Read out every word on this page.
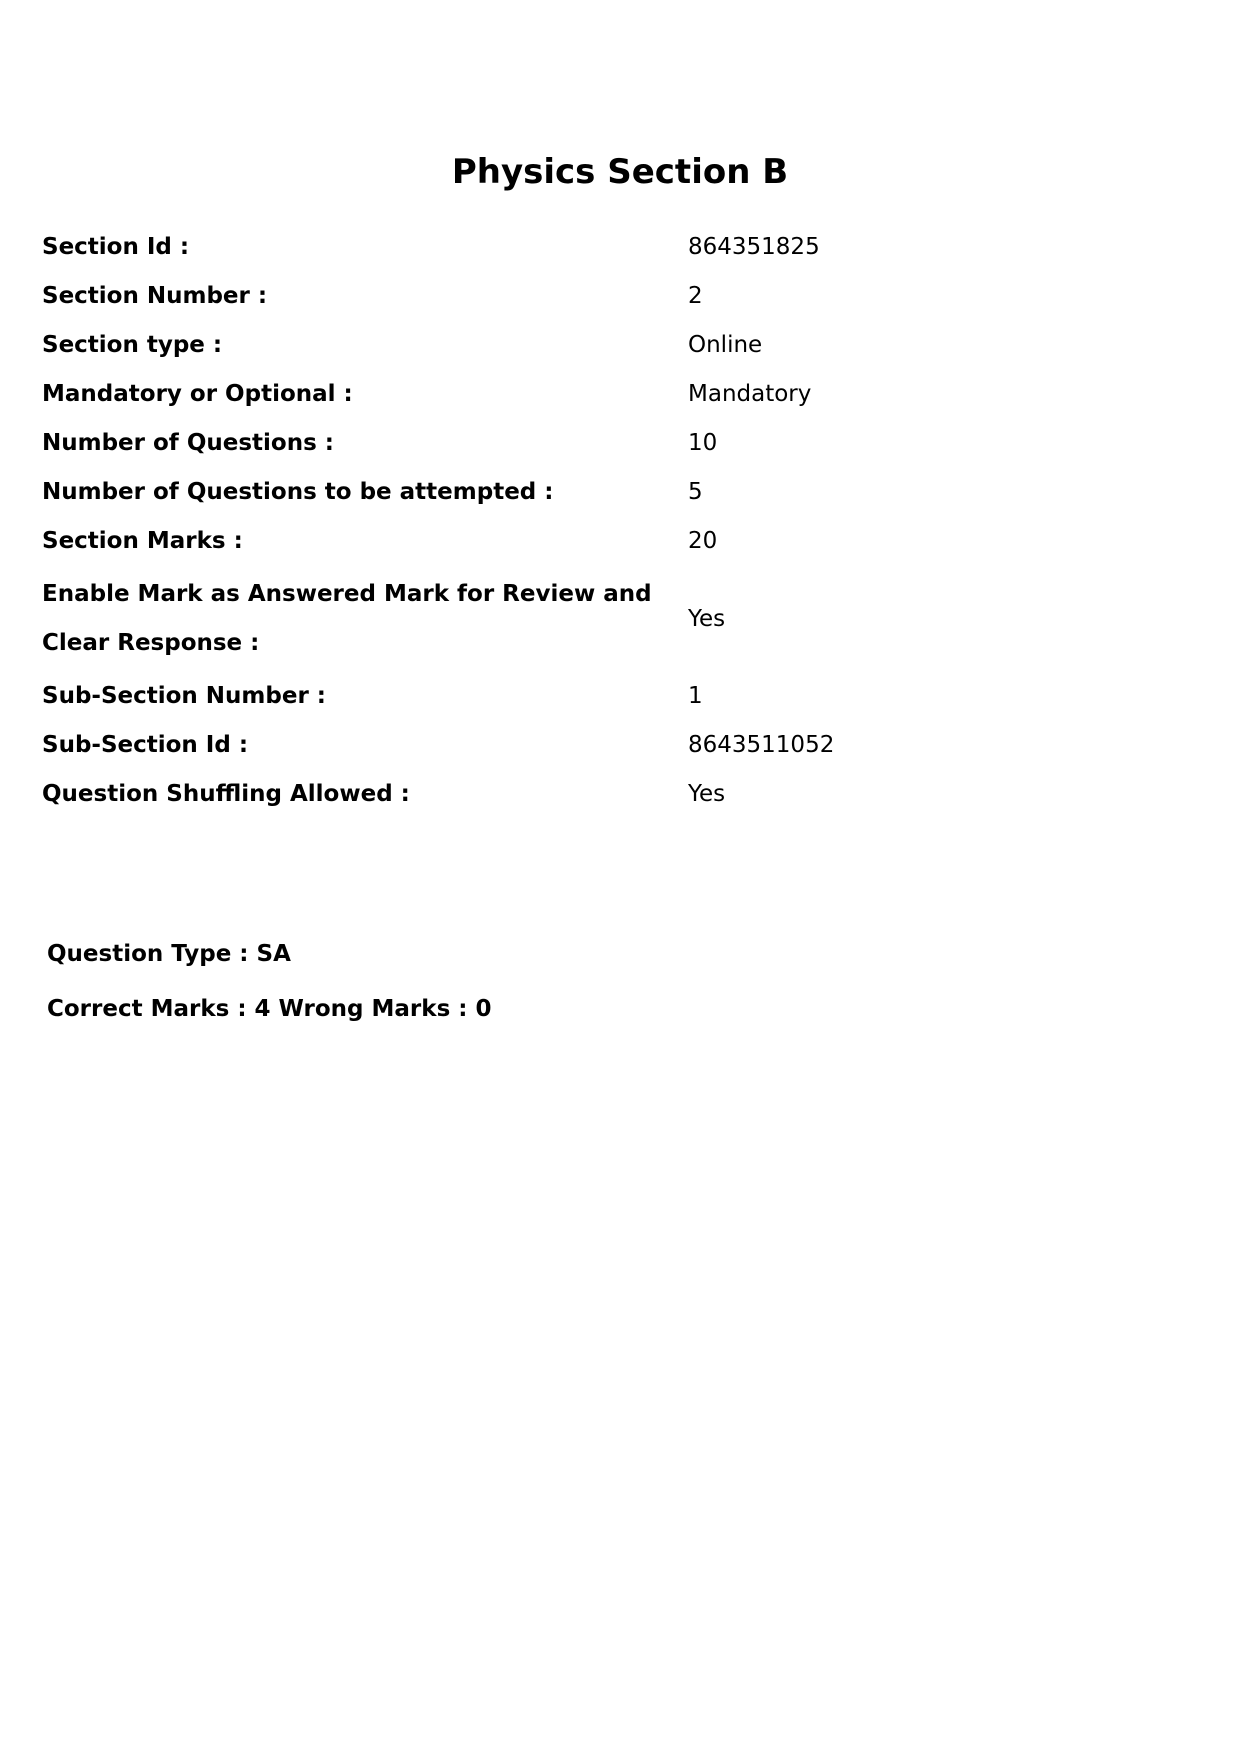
Physics Section B
Section Id :	864351825
Section Number :	2
Section type :	Online
Mandatory or Optional :	Mandatory
Number of Questions :	10
Number of Questions to be attempted :	5
Section Marks :	20
Enable Mark as Answered Mark for Review and Clear Response :
Yes
Sub-Section Number :	1
Sub-Section Id :	8643511052
Question Shuffling Allowed :	Yes
Question Type : SA
Correct Marks : 4 Wrong Marks : 0
